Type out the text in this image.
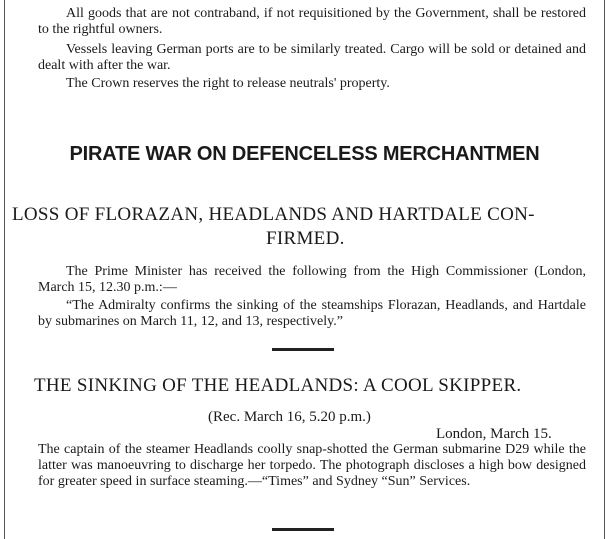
All goods that are not contraband, if not requisitioned by the Government, shall be restored to the rightful owners.

Vessels leaving German ports are to be similarly treated. Cargo will be sold or detained and dealt with after the war.

The Crown reserves the right to release neutrals' property.

PIRATE WAR ON DEFENCELESS MERCHANTMEN
LOSS OF FLORAZAN, HEADLANDS AND HARTDALE CON-
FIRMED.

The Prime Minister has received the following from the High Commissioner (London, March 15, 12.30 p.m.:—

“The Admiralty confirms the sinking of the steamships Florazan, Headlands, and Hartdale by submarines on March 11, 12, and 13, respectively.”

THE SINKING OF THE HEADLANDS: A COOL SKIPPER.

(Rec. March 16, 5.20 p.m.)

London, March 15.

The captain of the steamer Headlands coolly snap-shotted the German submarine D29 while the latter was manoeuvring to discharge her torpedo. The photograph discloses a high bow designed for greater speed in surface steaming.—“Times” and Sydney “Sun” Services.
